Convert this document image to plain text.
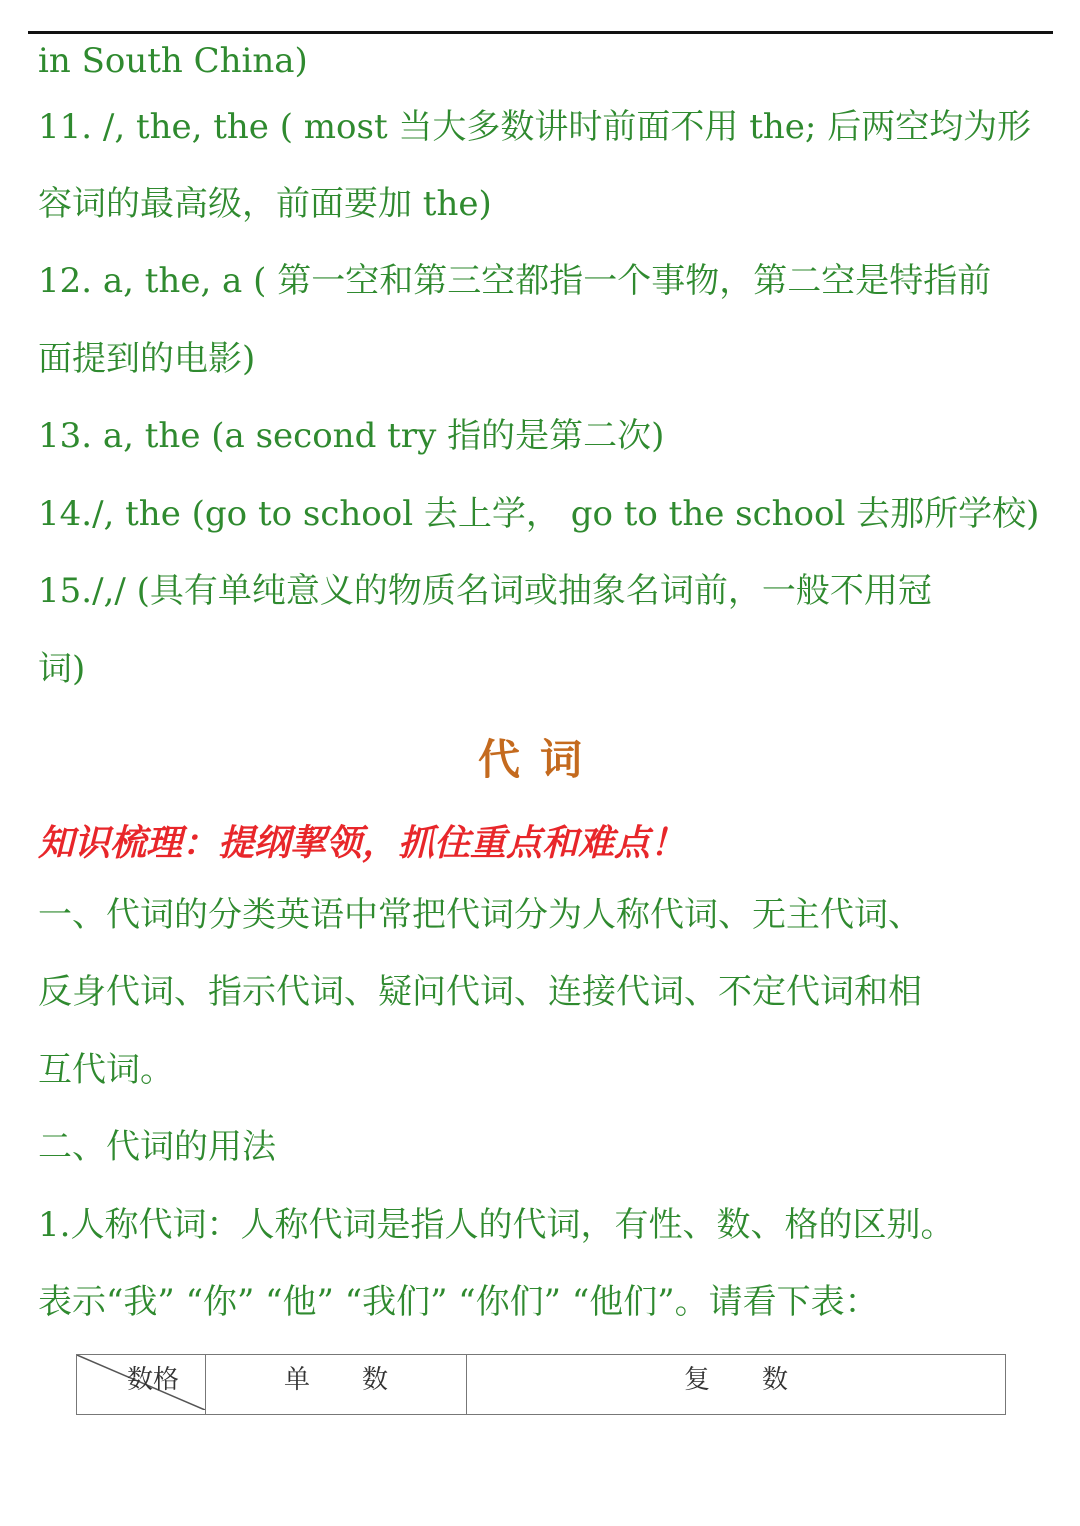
in South China)
11. /, the, the ( most 当大多数讲时前面不用 the; 后两空均为形
容词的最高级，前面要加 the)
12. a, the, a ( 第一空和第三空都指一个事物，第二空是特指前
面提到的电影)
13. a, the (a second try 指的是第二次)
14./, the (go to school 去上学， go to the school 去那所学校)
15./,/ (具有单纯意义的物质名词或抽象名词前，一般不用冠
词)
代词
知识梳理：提纲挈领，抓住重点和难点！
一、代词的分类英语中常把代词分为人称代词、无主代词、
反身代词、指示代词、疑问代词、连接代词、不定代词和相
互代词。
二、代词的用法
1.人称代词：人称代词是指人的代词，有性、数、格的区别。
表示“我” “你” “他” “我们” “你们” “他们”。请看下表：
数格	单　　数	复　　数
